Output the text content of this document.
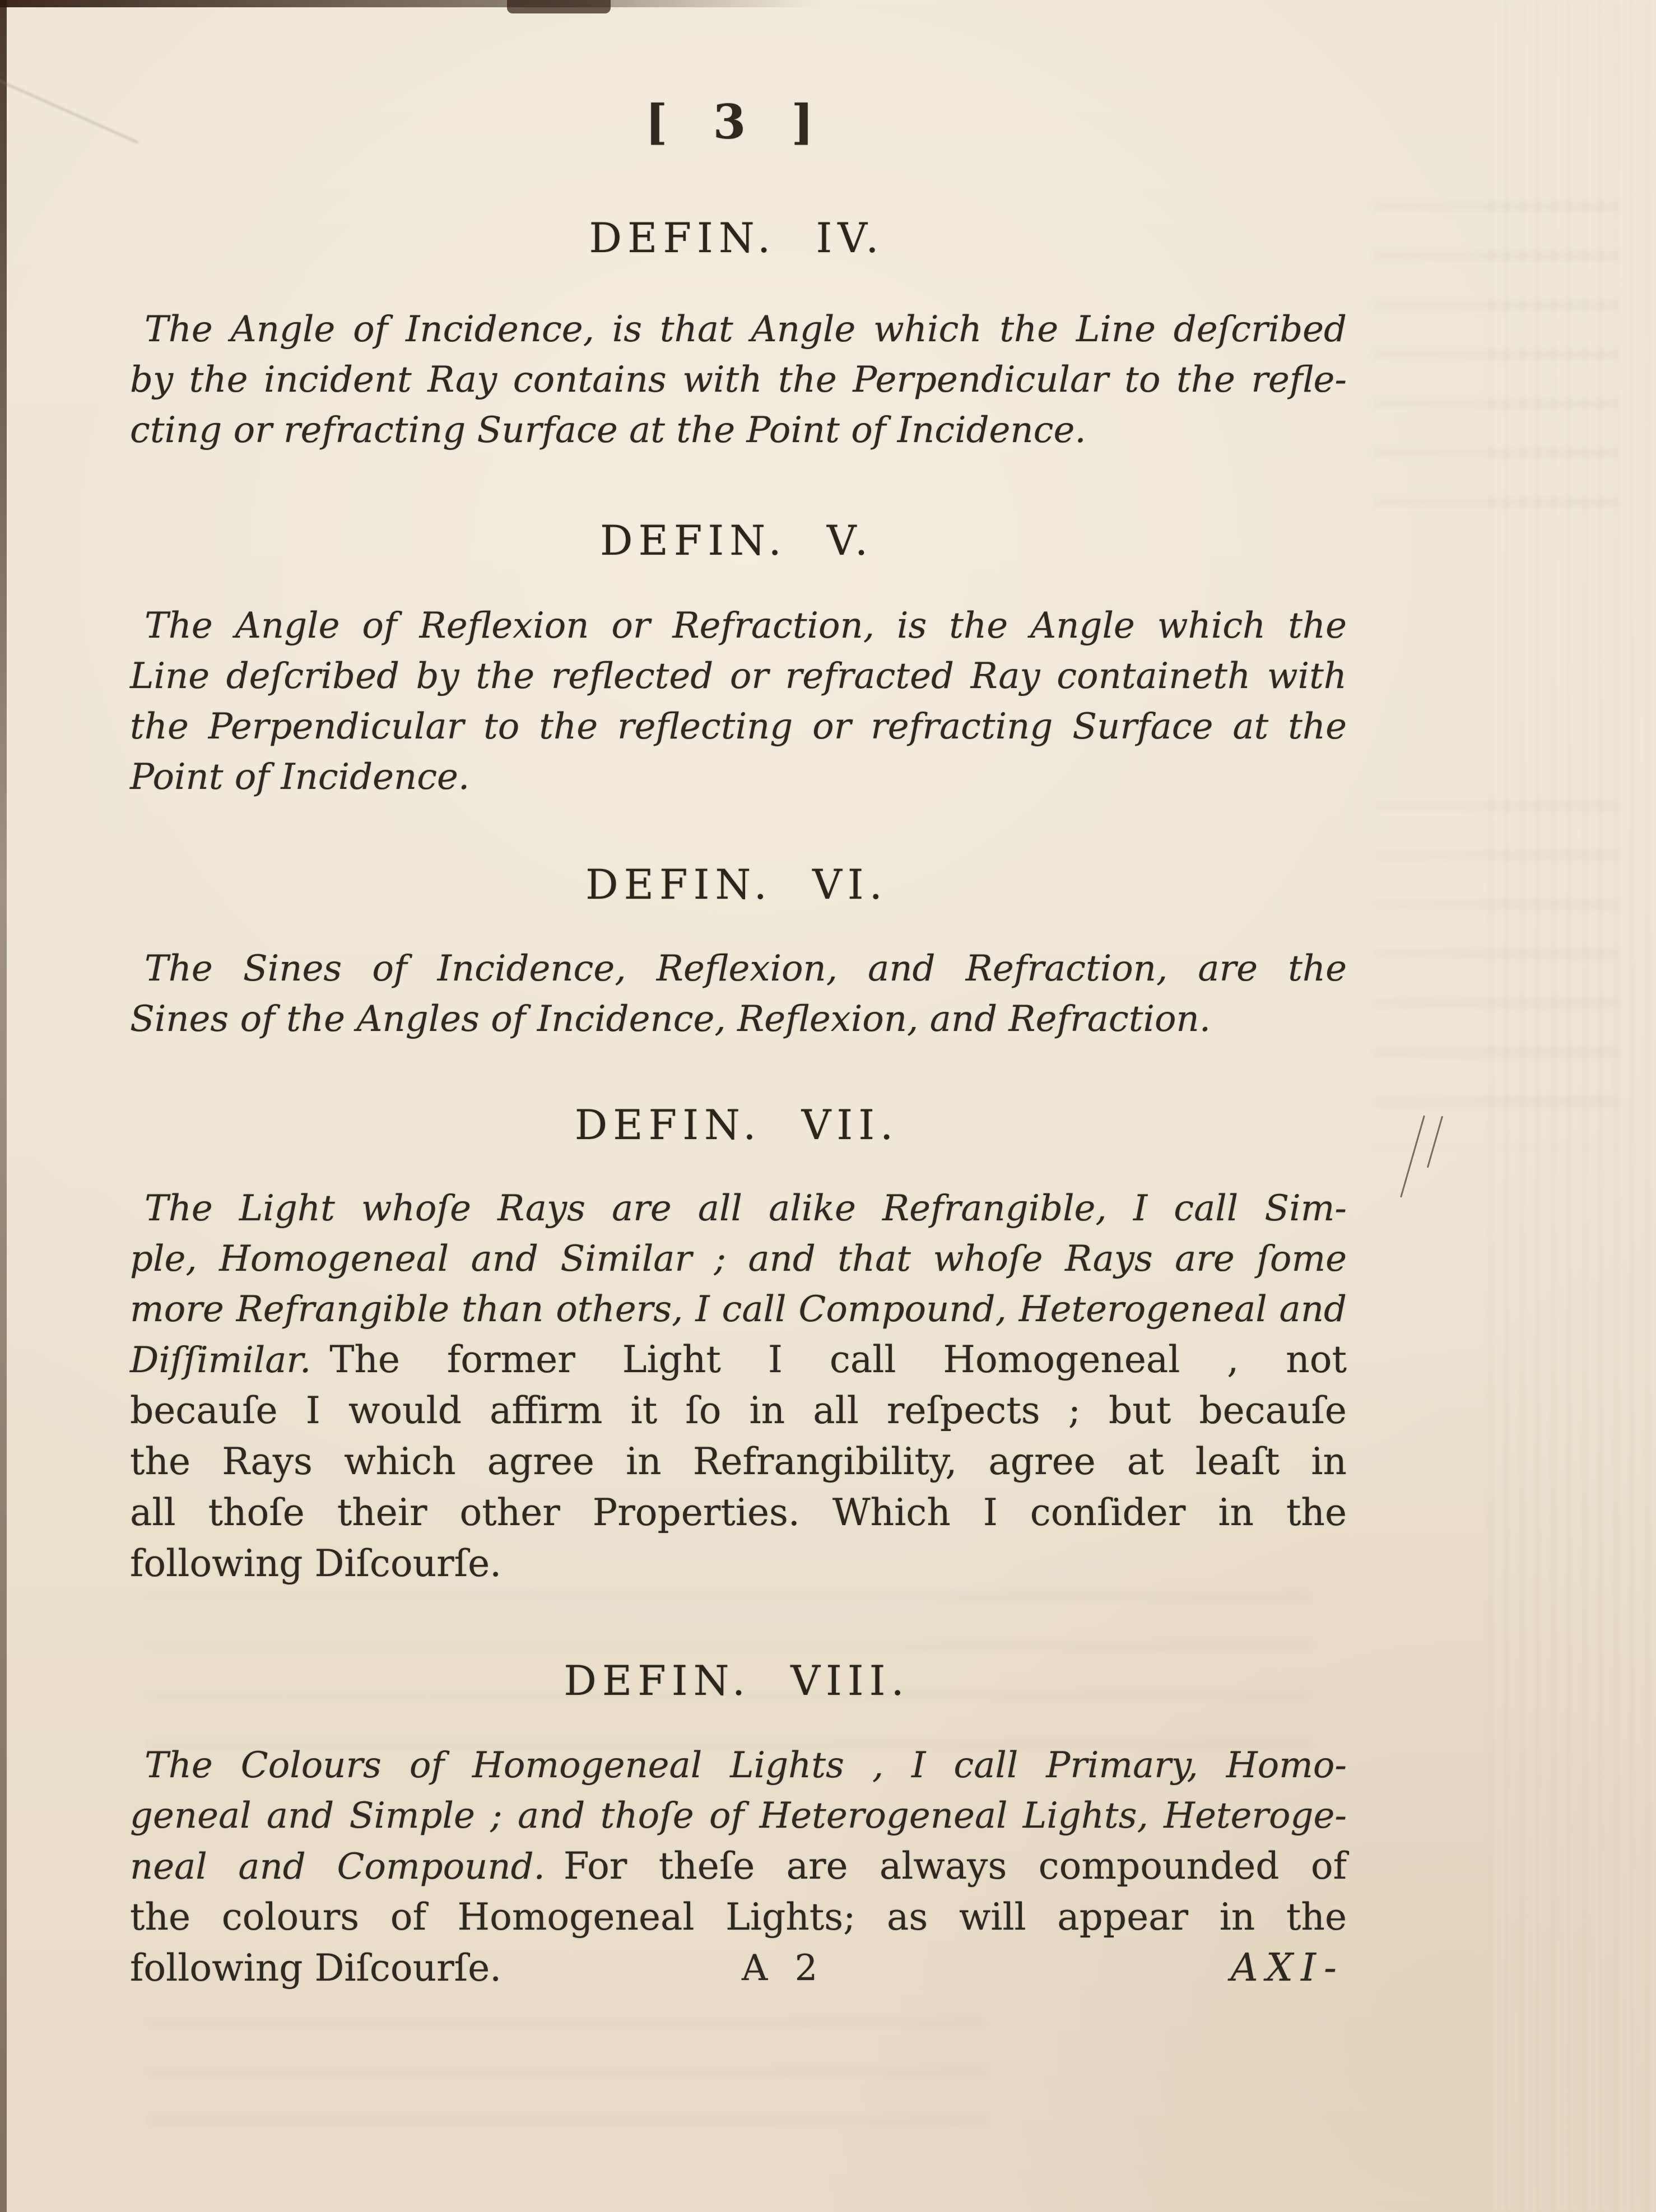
[ 3 ]
DEFIN. IV.
The Angle of Incidence, is that Angle which the Line deſcribed
by the incident Ray contains with the Perpendicular to the refle-
cting or refracting Surface at the Point of Incidence.
DEFIN. V.
The Angle of Reflexion or Refraction, is the Angle which the
Line deſcribed by the reflected or refracted Ray containeth with
the Perpendicular to the reflecting or refracting Surface at the
Point of Incidence.
DEFIN. VI.
The Sines of Incidence, Reflexion, and Refraction, are the
Sines of the Angles of Incidence, Reflexion, and Refraction.
DEFIN. VII.
The Light whoſe Rays are all alike Refrangible, I call Sim-
ple, Homogeneal and Similar ; and that whoſe Rays are ſome
more Refrangible than others, I call Compound, Heterogeneal and
Diſſimilar. The former Light I call Homogeneal , not
becauſe I would affirm it ſo in all reſpects ; but becauſe
the Rays which agree in Refrangibility, agree at leaſt in
all thoſe their other Properties. Which I conſider in the
following Diſcourſe.
DEFIN. VIII.
The Colours of Homogeneal Lights , I call Primary, Homo-
geneal and Simple ; and thoſe of Heterogeneal Lights, Heteroge-
neal and Compound. For theſe are always compounded of
the colours of Homogeneal Lights; as will appear in the
following Diſcourſe.	A 2	AXI-
